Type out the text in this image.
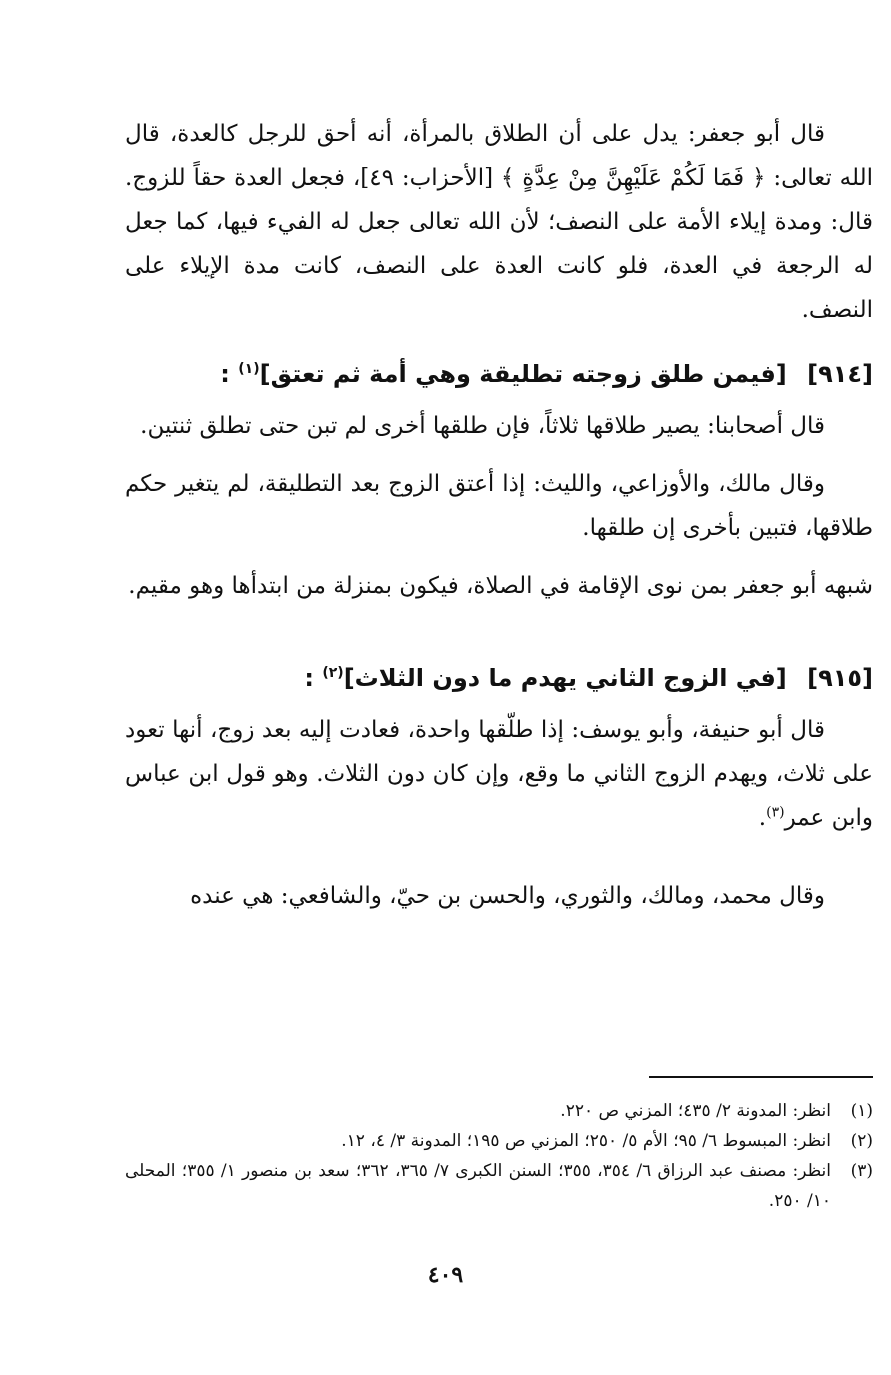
قال أبو جعفر: يدل على أن الطلاق بالمرأة، أنه أحق للرجل كالعدة، قال الله تعالى: ﴿ فَمَا لَكُمْ عَلَيْهِنَّ مِنْ عِدَّةٍ ﴾ [الأحزاب: ٤٩]، فجعل العدة حقاً للزوج. قال: ومدة إيلاء الأمة على النصف؛ لأن الله تعالى جعل له الفيء فيها، كما جعل له الرجعة في العدة، فلو كانت العدة على النصف، كانت مدة الإيلاء على النصف.

[٩١٤] [فيمن طلق زوجته تطليقة وهي أمة ثم تعتق]$^{(١)}$ :

قال أصحابنا: يصير طلاقها ثلاثاً، فإن طلقها أخرى لم تبن حتى تطلق ثنتين.

وقال مالك، والأوزاعي، والليث: إذا أعتق الزوج بعد التطليقة، لم يتغير حكم طلاقها، فتبين بأخرى إن طلقها.

شبهه أبو جعفر بمن نوى الإقامة في الصلاة، فيكون بمنزلة من ابتدأها وهو مقيم.

[٩١٥] [في الزوج الثاني يهدم ما دون الثلاث]$^{(٢)}$ :

قال أبو حنيفة، وأبو يوسف: إذا طلّقها واحدة، فعادت إليه بعد زوج، أنها تعود على ثلاث، ويهدم الزوج الثاني ما وقع، وإن كان دون الثلاث. وهو قول ابن عباس وابن عمر$^{(٣)}$.

وقال محمد، ومالك، والثوري، والحسن بن حيّ، والشافعي: هي عنده

(١)
انظر: المدونة ٢/ ٤٣٥؛ المزني ص ٢٢٠.
(٢)
انظر: المبسوط ٦/ ٩٥؛ الأم ٥/ ٢٥٠؛ المزني ص ١٩٥؛ المدونة ٣/ ٤، ١٢.
(٣)
انظر: مصنف عبد الرزاق ٦/ ٣٥٤، ٣٥٥؛ السنن الكبرى ٧/ ٣٦٥، ٣٦٢؛ سعد بن منصور ١/ ٣٥٥؛ المحلى ١٠/ ٢٥٠.
٤٠٩
